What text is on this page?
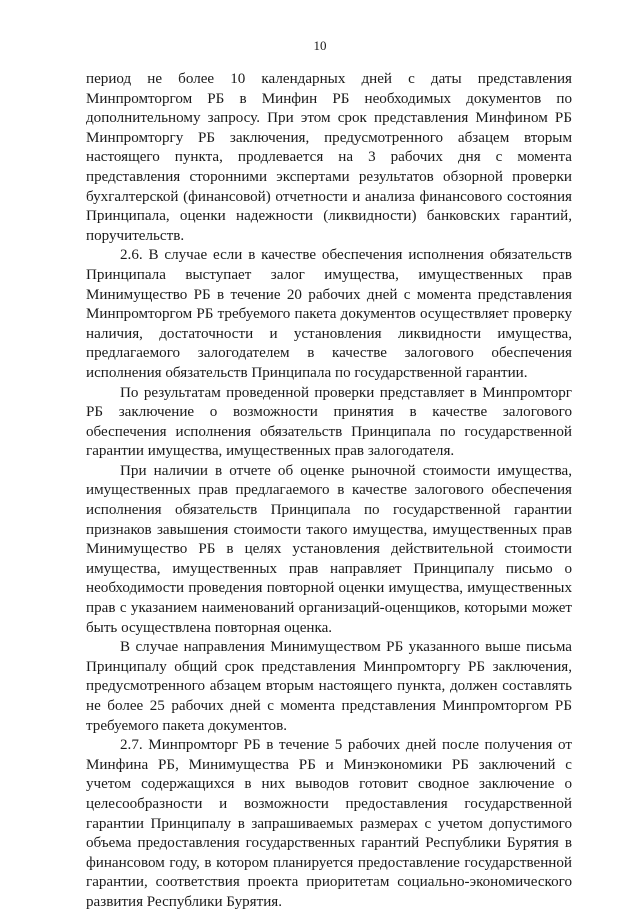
10

период не более 10 календарных дней с даты представления Минпромторгом РБ в Минфин РБ необходимых документов по дополнительному запросу. При этом срок представления Минфином РБ Минпромторгу РБ заключения, предусмотренного абзацем вторым настоящего пункта, продлевается на 3 рабочих дня с момента представления сторонними экспертами результатов обзорной проверки бухгалтерской (финансовой) отчетности и анализа финансового состояния Принципала, оценки надежности (ликвидности) банковских гарантий, поручительств.

2.6. В случае если в качестве обеспечения исполнения обязательств Принципала выступает залог имущества, имущественных прав Минимущество РБ в течение 20 рабочих дней с момента представления Минпромторгом РБ требуемого пакета документов осуществляет проверку наличия, достаточности и установления ликвидности имущества, предлагаемого залогодателем в качестве залогового обеспечения исполнения обязательств Принципала по государственной гарантии.

По результатам проведенной проверки представляет в Минпромторг РБ заключение о возможности принятия в качестве залогового обеспечения исполнения обязательств Принципала по государственной гарантии имущества, имущественных прав залогодателя.

При наличии в отчете об оценке рыночной стоимости имущества, имущественных прав предлагаемого в качестве залогового обеспечения исполнения обязательств Принципала по государственной гарантии признаков завышения стоимости такого имущества, имущественных прав Минимущество РБ в целях установления действительной стоимости имущества, имущественных прав направляет Принципалу письмо о необходимости проведения повторной оценки имущества, имущественных прав с указанием наименований организаций-оценщиков, которыми может быть осуществлена повторная оценка.

В случае направления Минимуществом РБ указанного выше письма Принципалу общий срок представления Минпромторгу РБ заключения, предусмотренного абзацем вторым настоящего пункта, должен составлять не более 25 рабочих дней с момента представления Минпромторгом РБ требуемого пакета документов.

2.7. Минпромторг РБ в течение 5 рабочих дней после получения от Минфина РБ, Минимущества РБ и Минэкономики РБ заключений с учетом содержащихся в них выводов готовит сводное заключение о целесообразности и возможности предоставления государственной гарантии Принципалу в запрашиваемых размерах с учетом допустимого объема предоставления государственных гарантий Республики Бурятия в финансовом году, в котором планируется предоставление государственной гарантии, соответствия проекта приоритетам социально-экономического развития Республики Бурятия.
